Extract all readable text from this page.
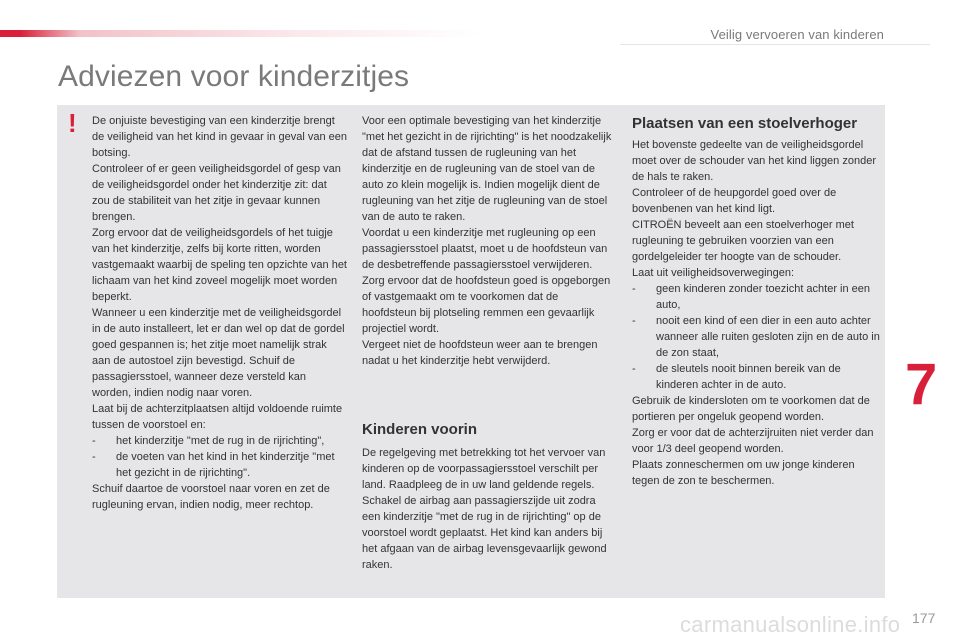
Veilig vervoeren van kinderen
Adviezen voor kinderzitjes
! De onjuiste bevestiging van een kinderzitje brengt de veiligheid van het kind in gevaar in geval van een botsing.

Controleer of er geen veiligheidsgordel of gesp van de veiligheidsgordel onder het kinderzitje zit: dat zou de stabiliteit van het zitje in gevaar kunnen brengen.

Zorg ervoor dat de veiligheidsgordels of het tuigje van het kinderzitje, zelfs bij korte ritten, worden vastgemaakt waarbij de speling ten opzichte van het lichaam van het kind zoveel mogelijk moet worden beperkt.

Wanneer u een kinderzitje met de veiligheidsgordel in de auto installeert, let er dan wel op dat de gordel goed gespannen is; het zitje moet namelijk strak aan de autostoel zijn bevestigd. Schuif de passagiersstoel, wanneer deze versteld kan worden, indien nodig naar voren.

Laat bij de achterzitplaatsen altijd voldoende ruimte tussen de voorstoel en:

-	het kinderzitje "met de rug in de rijrichting",
-	de voeten van het kind in het kinderzitje "met het gezicht in de rijrichting".

Schuif daartoe de voorstoel naar voren en zet de rugleuning ervan, indien nodig, meer rechtop.

Voor een optimale bevestiging van het kinderzitje "met het gezicht in de rijrichting" is het noodzakelijk dat de afstand tussen de rugleuning van het kinderzitje en de rugleuning van de stoel van de auto zo klein mogelijk is. Indien mogelijk dient de rugleuning van het zitje de rugleuning van de stoel van de auto te raken.

Voordat u een kinderzitje met rugleuning op een passagiersstoel plaatst, moet u de hoofdsteun van de desbetreffende passagiersstoel verwijderen. Zorg ervoor dat de hoofdsteun goed is opgeborgen of vastgemaakt om te voorkomen dat de hoofdsteun bij plotseling remmen een gevaarlijk projectiel wordt.

Vergeet niet de hoofdsteun weer aan te brengen nadat u het kinderzitje hebt verwijderd.

Kinderen voorin

De regelgeving met betrekking tot het vervoer van kinderen op de voorpassagiersstoel verschilt per land. Raadpleeg de in uw land geldende regels.

Schakel de airbag aan passagierszijde uit zodra een kinderzitje "met de rug in de rijrichting" op de voorstoel wordt geplaatst. Het kind kan anders bij het afgaan van de airbag levensgevaarlijk gewond raken.

Plaatsen van een stoelverhoger

Het bovenste gedeelte van de veiligheidsgordel moet over de schouder van het kind liggen zonder de hals te raken.

Controleer of de heupgordel goed over de bovenbenen van het kind ligt.

CITROËN beveelt aan een stoelverhoger met rugleuning te gebruiken voorzien van een gordelgeleider ter hoogte van de schouder.

Laat uit veiligheidsoverwegingen:

-	geen kinderen zonder toezicht achter in een auto,
-	nooit een kind of een dier in een auto achter wanneer alle ruiten gesloten zijn en de auto in de zon staat,
-	de sleutels nooit binnen bereik van de kinderen achter in de auto.

Gebruik de kindersloten om te voorkomen dat de portieren per ongeluk geopend worden.

Zorg er voor dat de achterzijruiten niet verder dan voor 1/3 deel geopend worden.

Plaats zonneschermen om uw jonge kinderen tegen de zon te beschermen.

7
carmanualsonline.info 177
